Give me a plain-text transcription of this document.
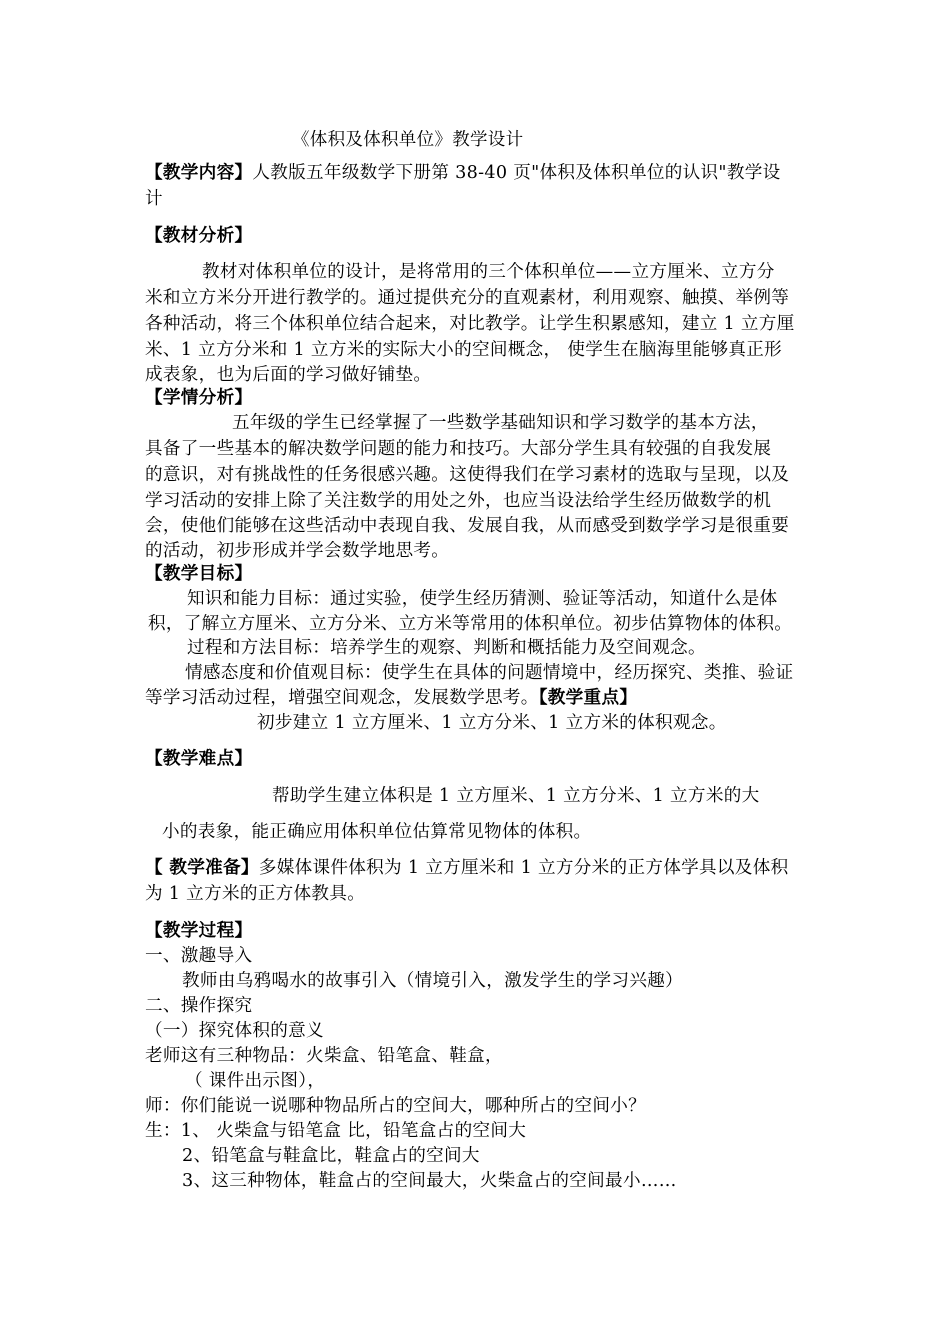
《体积及体积单位》教学设计
【教学内容】人教版五年级数学下册第 38-40 页"体积及体积单位的认识"教学设
计
【教材分析】
教材对体积单位的设计，是将常用的三个体积单位——立方厘米、立方分
米和立方米分开进行教学的。通过提供充分的直观素材，利用观察、触摸、举例等
各种活动，将三个体积单位结合起来，对比教学。让学生积累感知，建立 1 立方厘
米、1 立方分米和 1 立方米的实际大小的空间概念， 使学生在脑海里能够真正形
成表象，也为后面的学习做好铺垫。
【学情分析】
五年级的学生已经掌握了一些数学基础知识和学习数学的基本方法，
具备了一些基本的解决数学问题的能力和技巧。大部分学生具有较强的自我发展
的意识，对有挑战性的任务很感兴趣。这使得我们在学习素材的选取与呈现，以及
学习活动的安排上除了关注数学的用处之外，也应当设法给学生经历做数学的机
会，使他们能够在这些活动中表现自我、发展自我，从而感受到数学学习是很重要
的活动，初步形成并学会数学地思考。
【教学目标】
知识和能力目标：通过实验，使学生经历猜测、验证等活动，知道什么是体
积，了解立方厘米、立方分米、立方米等常用的体积单位。初步估算物体的体积。
过程和方法目标：培养学生的观察、判断和概括能力及空间观念。
情感态度和价值观目标：使学生在具体的问题情境中，经历探究、类推、验证
等学习活动过程，增强空间观念，发展数学思考。【教学重点】
初步建立 1 立方厘米、1 立方分米、1 立方米的体积观念。
【教学难点】
帮助学生建立体积是 1 立方厘米、1 立方分米、1 立方米的大
小的表象，能正确应用体积单位估算常见物体的体积。
【 教学准备】多媒体课件体积为 1 立方厘米和 1 立方分米的正方体学具以及体积
为 1 立方米的正方体教具。
【教学过程】
一、激趣导入
教师由乌鸦喝水的故事引入（情境引入，激发学生的学习兴趣）
二、操作探究
（一）探究体积的意义
老师这有三种物品：火柴盒、铅笔盒、鞋盒，
（ 课件出示图），
师：你们能说一说哪种物品所占的空间大，哪种所占的空间小？
生：1、 火柴盒与铅笔盒 比，铅笔盒占的空间大
2、铅笔盒与鞋盒比，鞋盒占的空间大
3、这三种物体，鞋盒占的空间最大，火柴盒占的空间最小……
